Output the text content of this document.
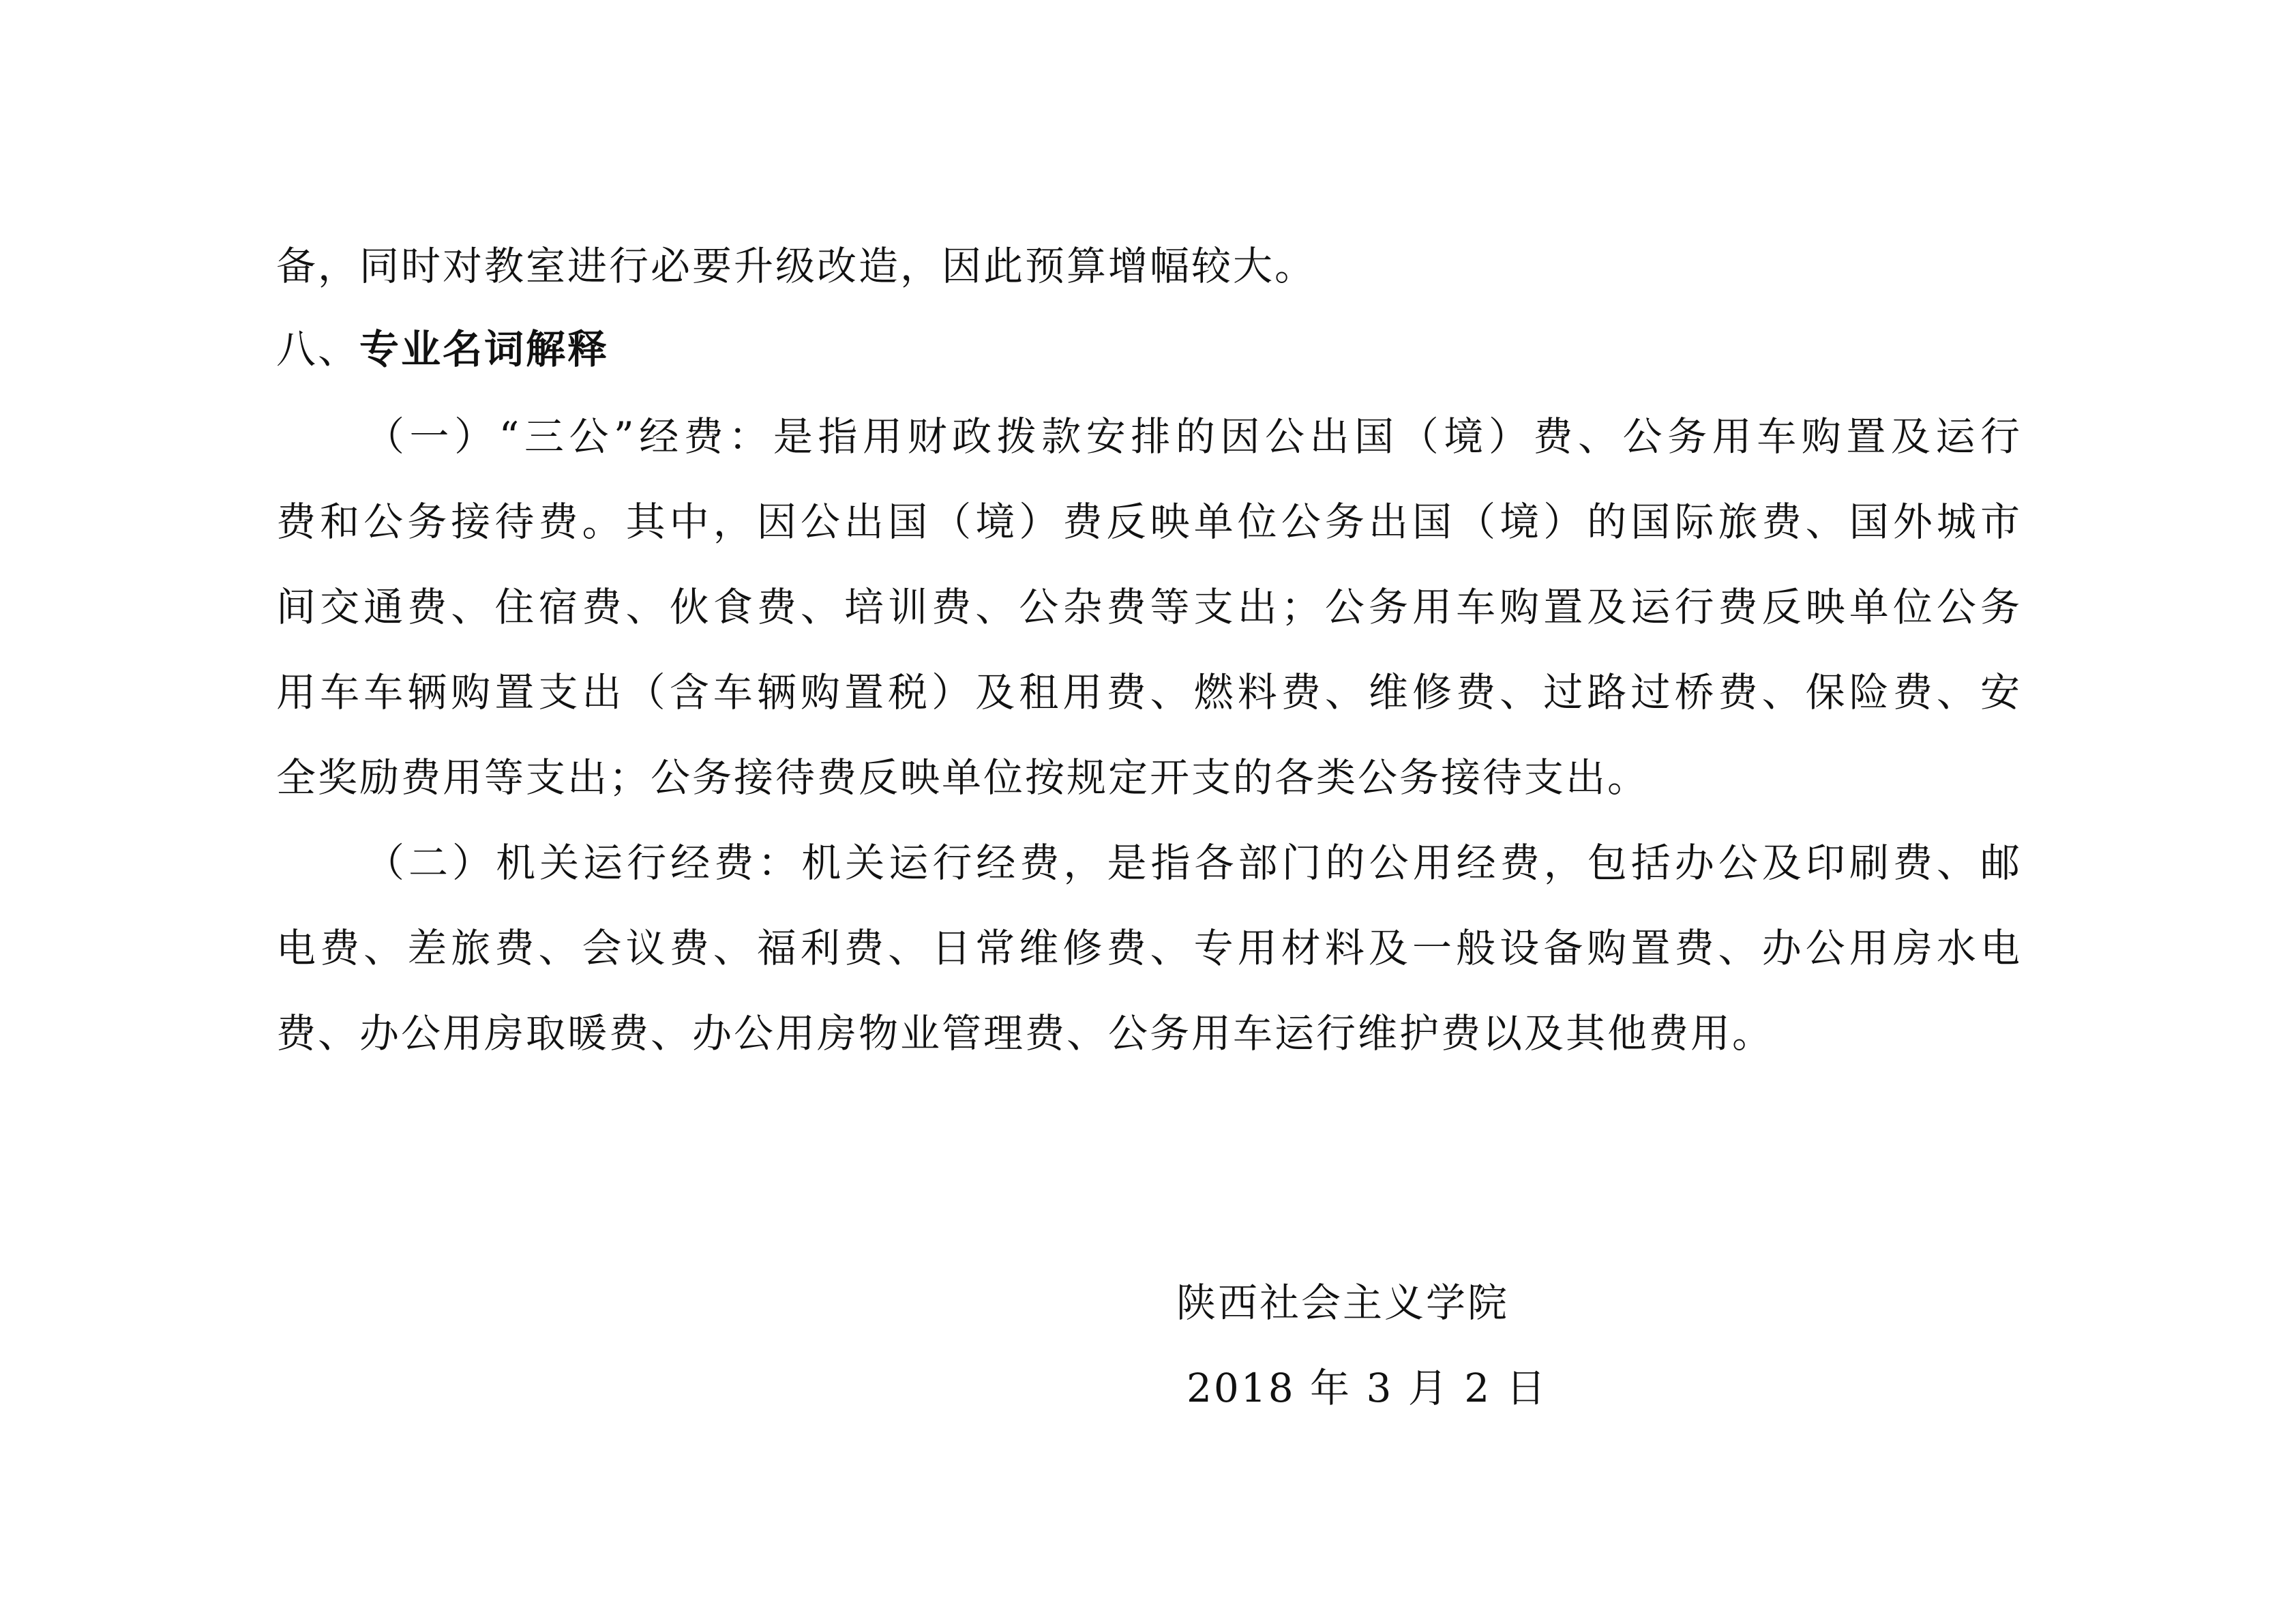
备，同时对教室进行必要升级改造，因此预算增幅较大。
八、专业名词解释
（一）“三公”经费：是指用财政拨款安排的因公出国（境）费、公务用车购置及运行
费和公务接待费。其中，因公出国（境）费反映单位公务出国（境）的国际旅费、国外城市
间交通费、住宿费、伙食费、培训费、公杂费等支出；公务用车购置及运行费反映单位公务
用车车辆购置支出（含车辆购置税）及租用费、燃料费、维修费、过路过桥费、保险费、安
全奖励费用等支出；公务接待费反映单位按规定开支的各类公务接待支出。
（二）机关运行经费：机关运行经费，是指各部门的公用经费，包括办公及印刷费、邮
电费、差旅费、会议费、福利费、日常维修费、专用材料及一般设备购置费、办公用房水电
费、办公用房取暖费、办公用房物业管理费、公务用车运行维护费以及其他费用。
陕西社会主义学院
2018 年 3 月 2 日
